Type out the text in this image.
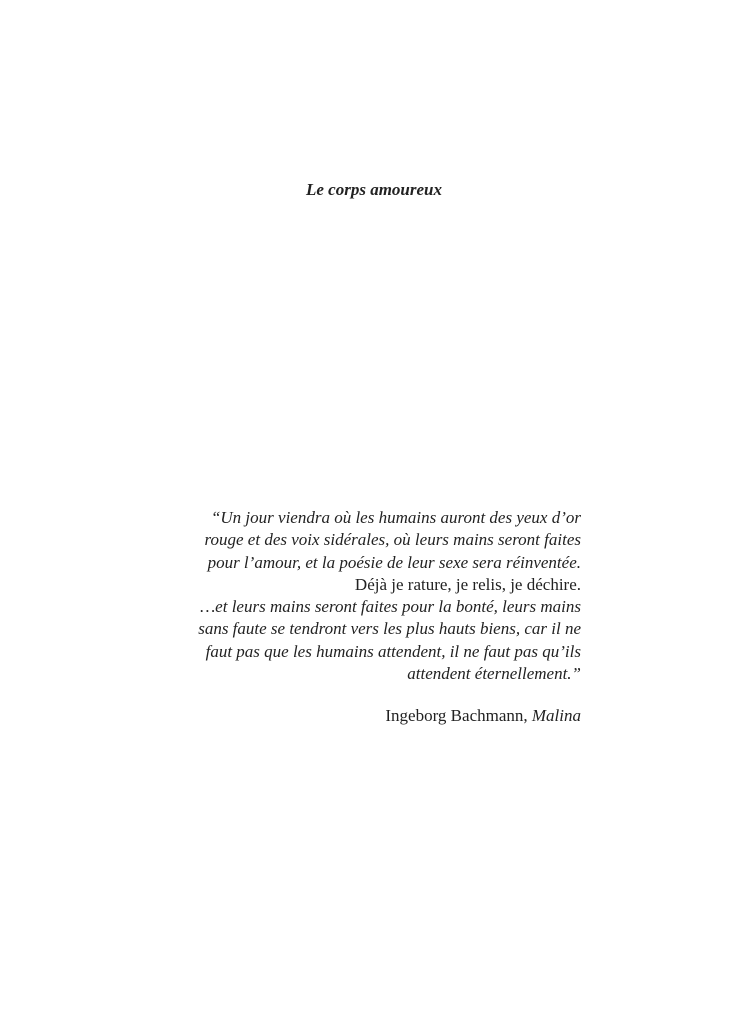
Le corps amoureux
“Un jour viendra où les humains auront des yeux d’or
rouge et des voix sidérales, où leurs mains seront faites
pour l’amour, et la poésie de leur sexe sera réinventée.
Déjà je rature, je relis, je déchire.
…et leurs mains seront faites pour la bonté, leurs mains
sans faute se tendront vers les plus hauts biens, car il ne
faut pas que les humains attendent, il ne faut pas qu’ils
attendent éternellement.”
Ingeborg Bachmann, Malina
